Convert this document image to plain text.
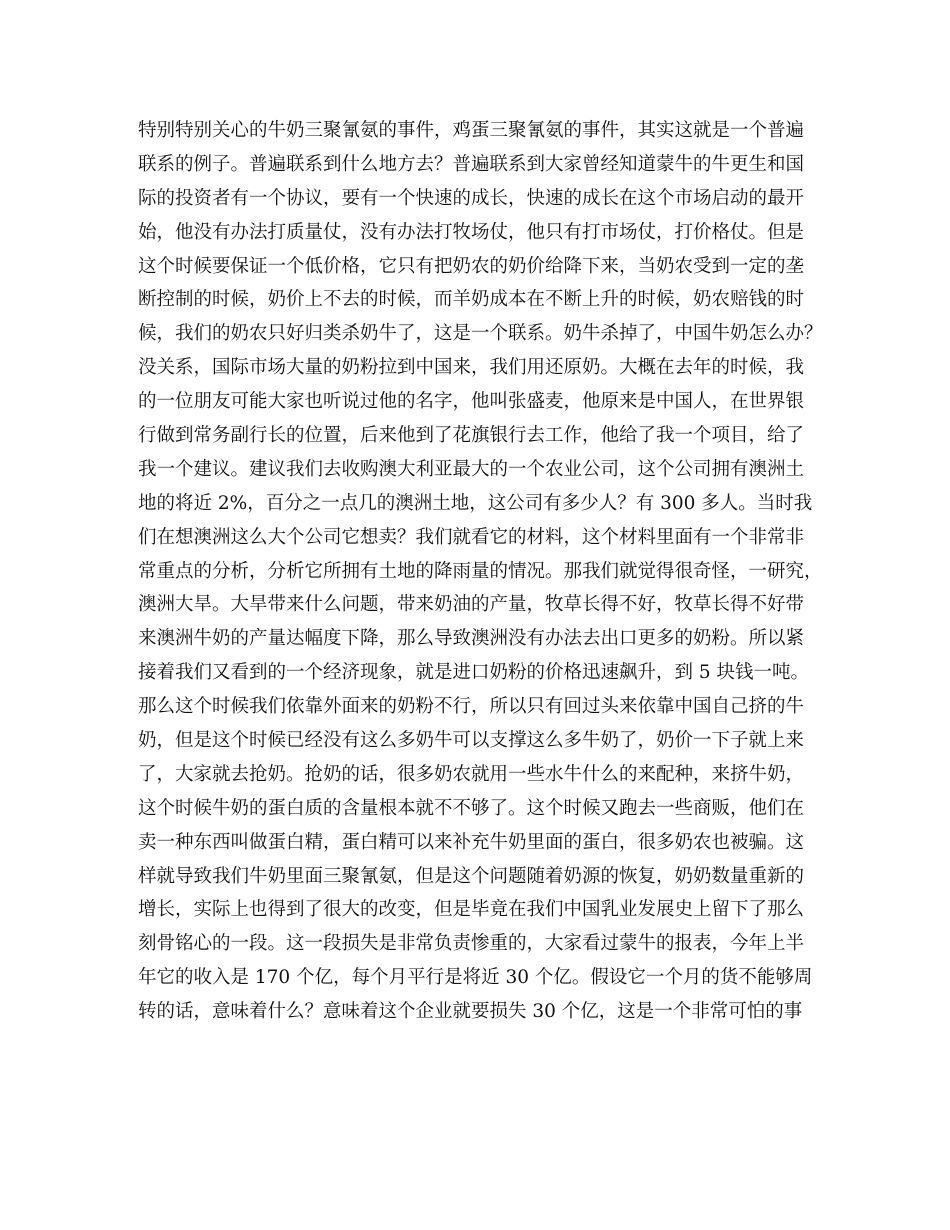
特别特别关心的牛奶三聚氰氨的事件，鸡蛋三聚氰氨的事件，其实这就是一个普遍
联系的例子。普遍联系到什么地方去？普遍联系到大家曾经知道蒙牛的牛更生和国
际的投资者有一个协议，要有一个快速的成长，快速的成长在这个市场启动的最开
始，他没有办法打质量仗，没有办法打牧场仗，他只有打市场仗，打价格仗。但是
这个时候要保证一个低价格，它只有把奶农的奶价给降下来，当奶农受到一定的垄
断控制的时候，奶价上不去的时候，而羊奶成本在不断上升的时候，奶农赔钱的时
候，我们的奶农只好归类杀奶牛了，这是一个联系。奶牛杀掉了，中国牛奶怎么办？
没关系，国际市场大量的奶粉拉到中国来，我们用还原奶。大概在去年的时候，我
的一位朋友可能大家也听说过他的名字，他叫张盛麦，他原来是中国人，在世界银
行做到常务副行长的位置，后来他到了花旗银行去工作，他给了我一个项目，给了
我一个建议。建议我们去收购澳大利亚最大的一个农业公司，这个公司拥有澳洲土
地的将近 2%，百分之一点几的澳洲土地，这公司有多少人？有 300 多人。当时我
们在想澳洲这么大个公司它想卖？我们就看它的材料，这个材料里面有一个非常非
常重点的分析，分析它所拥有土地的降雨量的情况。那我们就觉得很奇怪，一研究，
澳洲大旱。大旱带来什么问题，带来奶油的产量，牧草长得不好，牧草长得不好带
来澳洲牛奶的产量达幅度下降，那么导致澳洲没有办法去出口更多的奶粉。所以紧
接着我们又看到的一个经济现象，就是进口奶粉的价格迅速飙升，到 5 块钱一吨。
那么这个时候我们依靠外面来的奶粉不行，所以只有回过头来依靠中国自己挤的牛
奶，但是这个时候已经没有这么多奶牛可以支撑这么多牛奶了，奶价一下子就上来
了，大家就去抢奶。抢奶的话，很多奶农就用一些水牛什么的来配种，来挤牛奶，
这个时候牛奶的蛋白质的含量根本就不不够了。这个时候又跑去一些商贩，他们在
卖一种东西叫做蛋白精，蛋白精可以来补充牛奶里面的蛋白，很多奶农也被骗。这
样就导致我们牛奶里面三聚氰氨，但是这个问题随着奶源的恢复，奶奶数量重新的
增长，实际上也得到了很大的改变，但是毕竟在我们中国乳业发展史上留下了那么
刻骨铭心的一段。这一段损失是非常负责惨重的，大家看过蒙牛的报表，今年上半
年它的收入是 170 个亿，每个月平行是将近 30 个亿。假设它一个月的货不能够周
转的话，意味着什么？意味着这个企业就要损失 30 个亿，这是一个非常可怕的事
